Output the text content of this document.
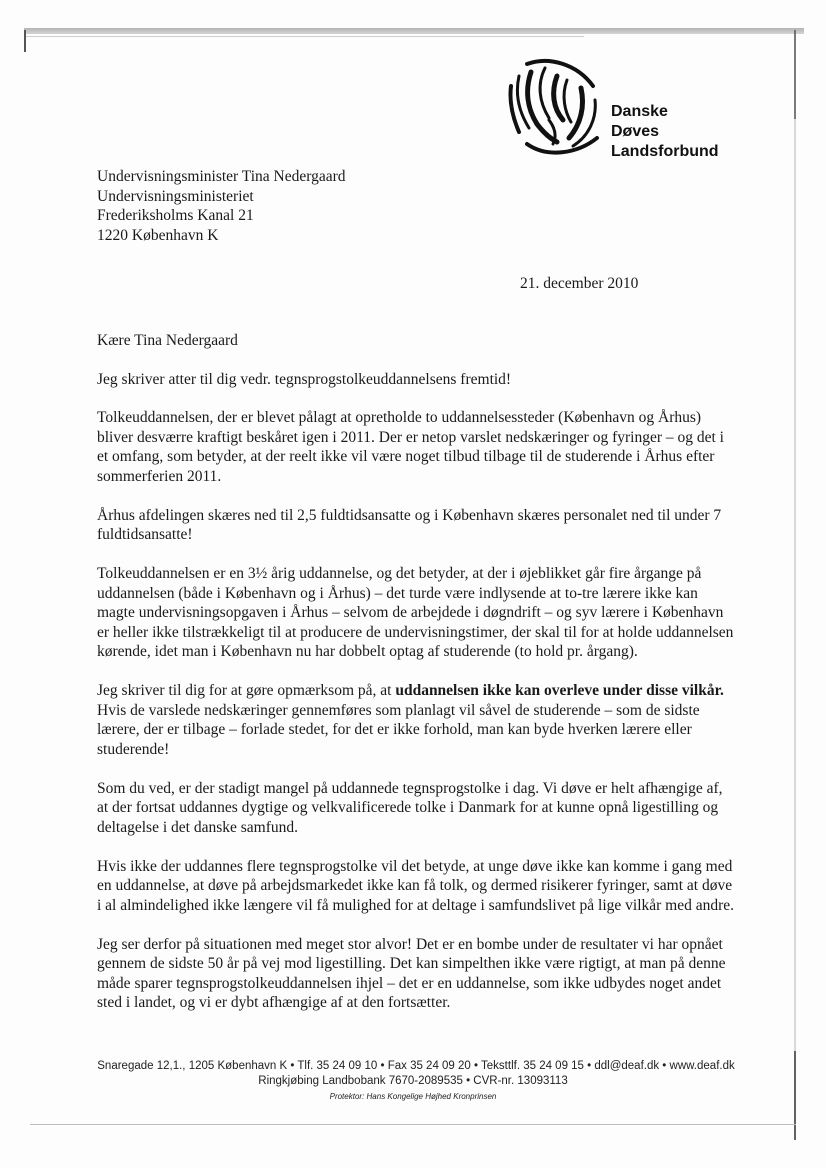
Danske
Døves
Landsforbund
Undervisningsminister Tina Nedergaard
Undervisningsministeriet
Frederiksholms Kanal 21
1220 København K
21. december 2010

Kære Tina Nedergaard

Jeg skriver atter til dig vedr. tegnsprogstolkeuddannelsens fremtid!

Tolkeuddannelsen, der er blevet pålagt at opretholde to uddannelsessteder (København og Århus) bliver desværre kraftigt beskåret igen i 2011. Der er netop varslet nedskæringer og fyringer – og det i et omfang, som betyder, at der reelt ikke vil være noget tilbud tilbage til de studerende i Århus efter sommerferien 2011.

Århus afdelingen skæres ned til 2,5 fuldtidsansatte og i København skæres personalet ned til under 7 fuldtidsansatte!

Tolkeuddannelsen er en 3½ årig uddannelse, og det betyder, at der i øjeblikket går fire årgange på uddannelsen (både i København og i Århus) – det turde være indlysende at to-tre lærere ikke kan magte undervisningsopgaven i Århus – selvom de arbejdede i døgndrift – og syv lærere i København er heller ikke tilstrækkeligt til at producere de undervisningstimer, der skal til for at holde uddannelsen kørende, idet man i København nu har dobbelt optag af studerende (to hold pr. årgang).

Jeg skriver til dig for at gøre opmærksom på, at uddannelsen ikke kan overleve under disse vilkår. Hvis de varslede nedskæringer gennemføres som planlagt vil såvel de studerende – som de sidste lærere, der er tilbage – forlade stedet, for det er ikke forhold, man kan byde hverken lærere eller studerende!

Som du ved, er der stadigt mangel på uddannede tegnsprogstolke i dag. Vi døve er helt afhængige af, at der fortsat uddannes dygtige og velkvalificerede tolke i Danmark for at kunne opnå ligestilling og deltagelse i det danske samfund.

Hvis ikke der uddannes flere tegnsprogstolke vil det betyde, at unge døve ikke kan komme i gang med en uddannelse, at døve på arbejdsmarkedet ikke kan få tolk, og dermed risikerer fyringer, samt at døve i al almindelighed ikke længere vil få mulighed for at deltage i samfundslivet på lige vilkår med andre.

Jeg ser derfor på situationen med meget stor alvor! Det er en bombe under de resultater vi har opnået gennem de sidste 50 år på vej mod ligestilling. Det kan simpelthen ikke være rigtigt, at man på denne måde sparer tegnsprogstolkeuddannelsen ihjel – det er en uddannelse, som ikke udbydes noget andet sted i landet, og vi er dybt afhængige af at den fortsætter.

Snaregade 12,1., 1205 København K • Tlf. 35 24 09 10 • Fax 35 24 09 20 • Teksttlf. 35 24 09 15 • ddl@deaf.dk • www.deaf.dk
Ringkjøbing Landbobank 7670-2089535 • CVR-nr. 13093113
Protektor: Hans Kongelige Højhed Kronprinsen
